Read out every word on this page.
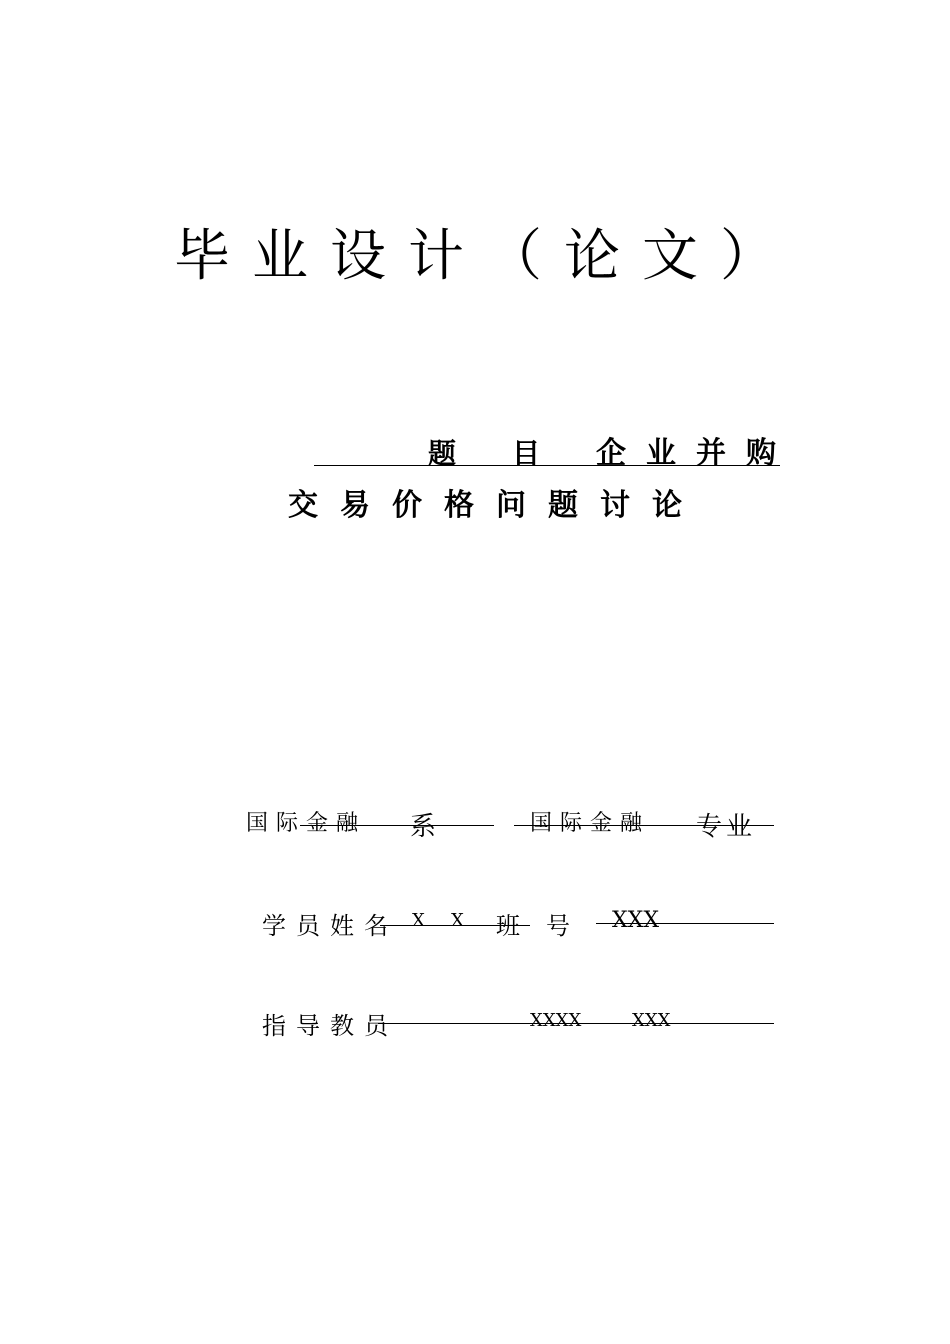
毕业设计（论文）
题 目 企业并购
交易价格问题讨论
国际金融 系	国际金融 专业
学员姓名 X X 班 号 XXX
指导教员	XXXX	XXX
